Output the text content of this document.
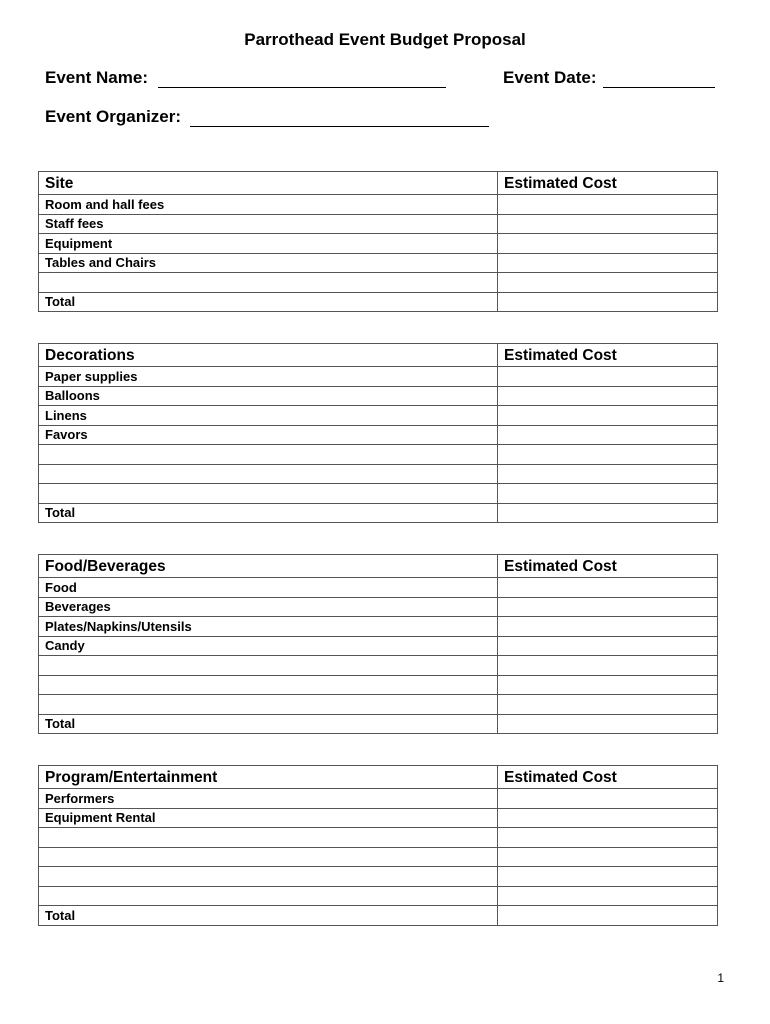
Parrothead Event Budget Proposal
Event Name:	Event Date:
Event Organizer:
Site	Estimated Cost
Room and hall fees	
Staff fees	
Equipment	
Tables and Chairs	

Total	
Decorations	Estimated Cost
Paper supplies	
Balloons	
Linens	
Favors	

Total	
Food/Beverages	Estimated Cost
Food	
Beverages	
Plates/Napkins/Utensils	
Candy	

Total	
Program/Entertainment	Estimated Cost
Performers	
Equipment Rental	

Total	
1
